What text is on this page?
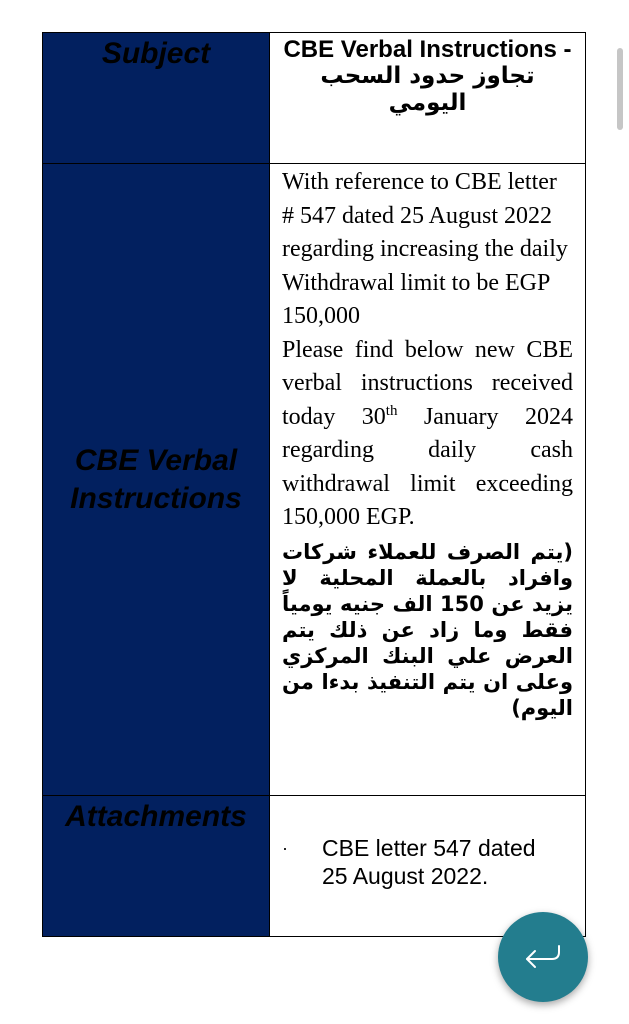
Subject	CBE Verbal Instructions -
تجاوز حدود السحب اليومي

CBE Verbal Instructions	With reference to CBE letter # 547 dated 25 August 2022 regarding increasing the daily Withdrawal limit to be EGP 150,000
Please find below new CBE verbal instructions received today 30th January 2024 regarding daily cash withdrawal limit exceeding 150,000 EGP.
(يتم الصرف للعملاء شركات وافراد بالعملة المحلية لا يزيد عن 150 الف جنيه يومياً فقط وما زاد عن ذلك يتم العرض علي البنك المركزي وعلى ان يتم التنفيذ بدءا من اليوم)

Attachments	· CBE letter 547 dated 25 August 2022.
